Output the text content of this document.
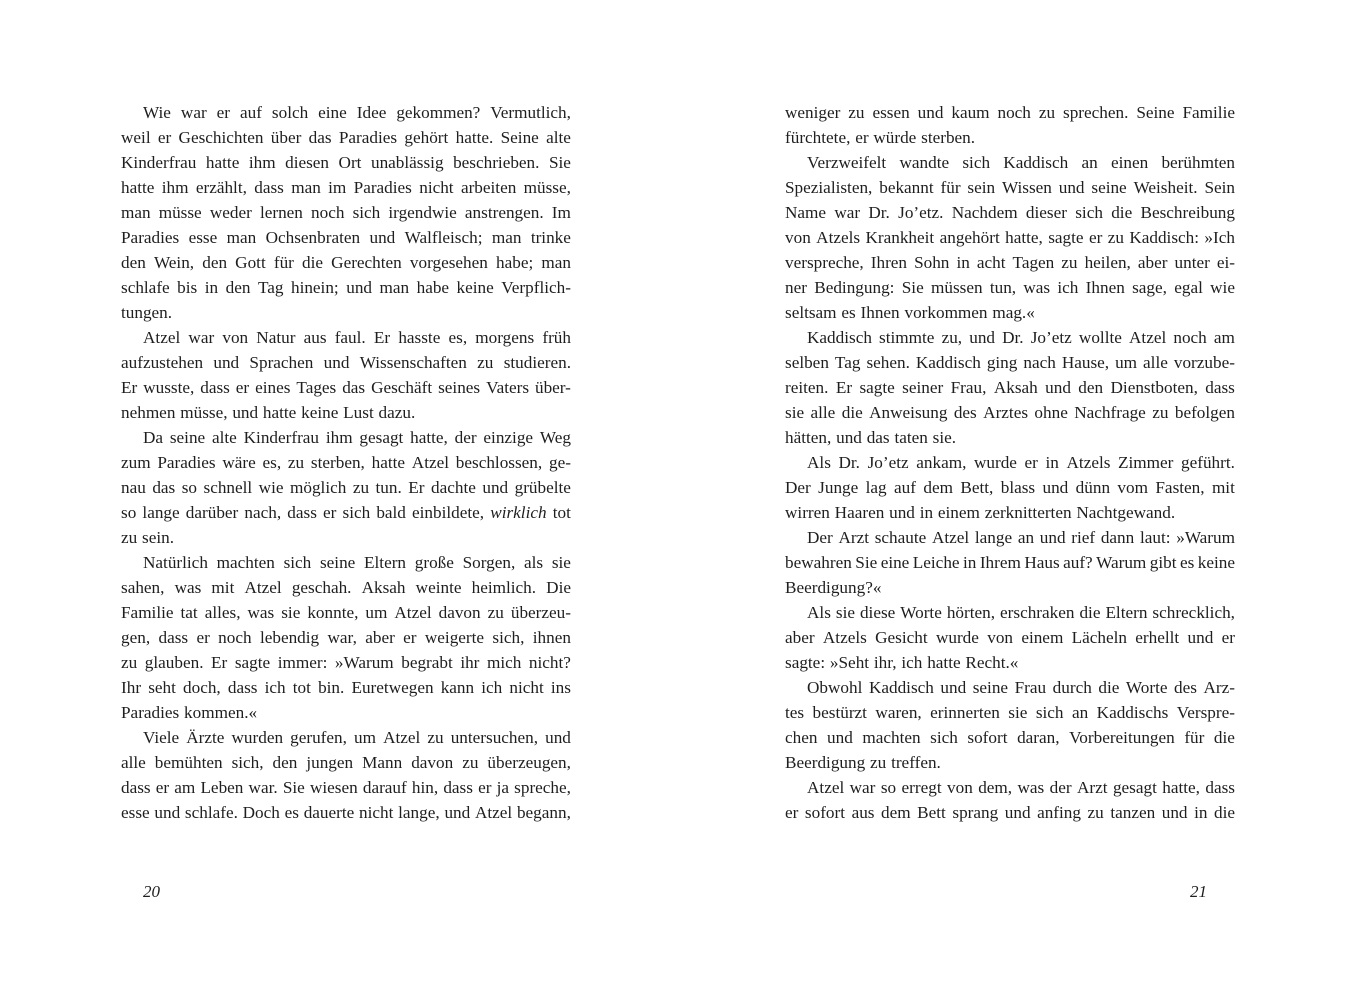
Wie war er auf solch eine Idee gekommen? Vermutlich,
weil er Geschichten über das Paradies gehört hatte. Seine alte
Kinderfrau hatte ihm diesen Ort unablässig beschrieben. Sie
hatte ihm erzählt, dass man im Paradies nicht arbeiten müsse,
man müsse weder lernen noch sich irgendwie anstrengen. Im
Paradies esse man Ochsenbraten und Walfleisch; man trinke
den Wein, den Gott für die Gerechten vorgesehen habe; man
schlafe bis in den Tag hinein; und man habe keine Verpflich-
tungen.
Atzel war von Natur aus faul. Er hasste es, morgens früh
aufzustehen und Sprachen und Wissenschaften zu studieren.
Er wusste, dass er eines Tages das Geschäft seines Vaters über-
nehmen müsse, und hatte keine Lust dazu.
Da seine alte Kinderfrau ihm gesagt hatte, der einzige Weg
zum Paradies wäre es, zu sterben, hatte Atzel beschlossen, ge-
nau das so schnell wie möglich zu tun. Er dachte und grübelte
so lange darüber nach, dass er sich bald einbildete, wirklich tot
zu sein.
Natürlich machten sich seine Eltern große Sorgen, als sie
sahen, was mit Atzel geschah. Aksah weinte heimlich. Die
Familie tat alles, was sie konnte, um Atzel davon zu überzeu-
gen, dass er noch lebendig war, aber er weigerte sich, ihnen
zu glauben. Er sagte immer: »Warum begrabt ihr mich nicht?
Ihr seht doch, dass ich tot bin. Euretwegen kann ich nicht ins
Paradies kommen.«
Viele Ärzte wurden gerufen, um Atzel zu untersuchen, und
alle bemühten sich, den jungen Mann davon zu überzeugen,
dass er am Leben war. Sie wiesen darauf hin, dass er ja spreche,
esse und schlafe. Doch es dauerte nicht lange, und Atzel begann,
20
weniger zu essen und kaum noch zu sprechen. Seine Familie
fürchtete, er würde sterben.
Verzweifelt wandte sich Kaddisch an einen berühmten
Spezialisten, bekannt für sein Wissen und seine Weisheit. Sein
Name war Dr. Jo’etz. Nachdem dieser sich die Beschreibung
von Atzels Krankheit angehört hatte, sagte er zu Kaddisch: »Ich
verspreche, Ihren Sohn in acht Tagen zu heilen, aber unter ei-
ner Bedingung: Sie müssen tun, was ich Ihnen sage, egal wie
seltsam es Ihnen vorkommen mag.«
Kaddisch stimmte zu, und Dr. Jo’etz wollte Atzel noch am
selben Tag sehen. Kaddisch ging nach Hause, um alle vorzube-
reiten. Er sagte seiner Frau, Aksah und den Dienstboten, dass
sie alle die Anweisung des Arztes ohne Nachfrage zu befolgen
hätten, und das taten sie.
Als Dr. Jo’etz ankam, wurde er in Atzels Zimmer geführt.
Der Junge lag auf dem Bett, blass und dünn vom Fasten, mit
wirren Haaren und in einem zerknitterten Nachtgewand.
Der Arzt schaute Atzel lange an und rief dann laut: »Warum
bewahren Sie eine Leiche in Ihrem Haus auf? Warum gibt es keine
Beerdigung?«
Als sie diese Worte hörten, erschraken die Eltern schrecklich,
aber Atzels Gesicht wurde von einem Lächeln erhellt und er
sagte: »Seht ihr, ich hatte Recht.«
Obwohl Kaddisch und seine Frau durch die Worte des Arz-
tes bestürzt waren, erinnerten sie sich an Kaddischs Verspre-
chen und machten sich sofort daran, Vorbereitungen für die
Beerdigung zu treffen.
Atzel war so erregt von dem, was der Arzt gesagt hatte, dass
er sofort aus dem Bett sprang und anfing zu tanzen und in die
21
